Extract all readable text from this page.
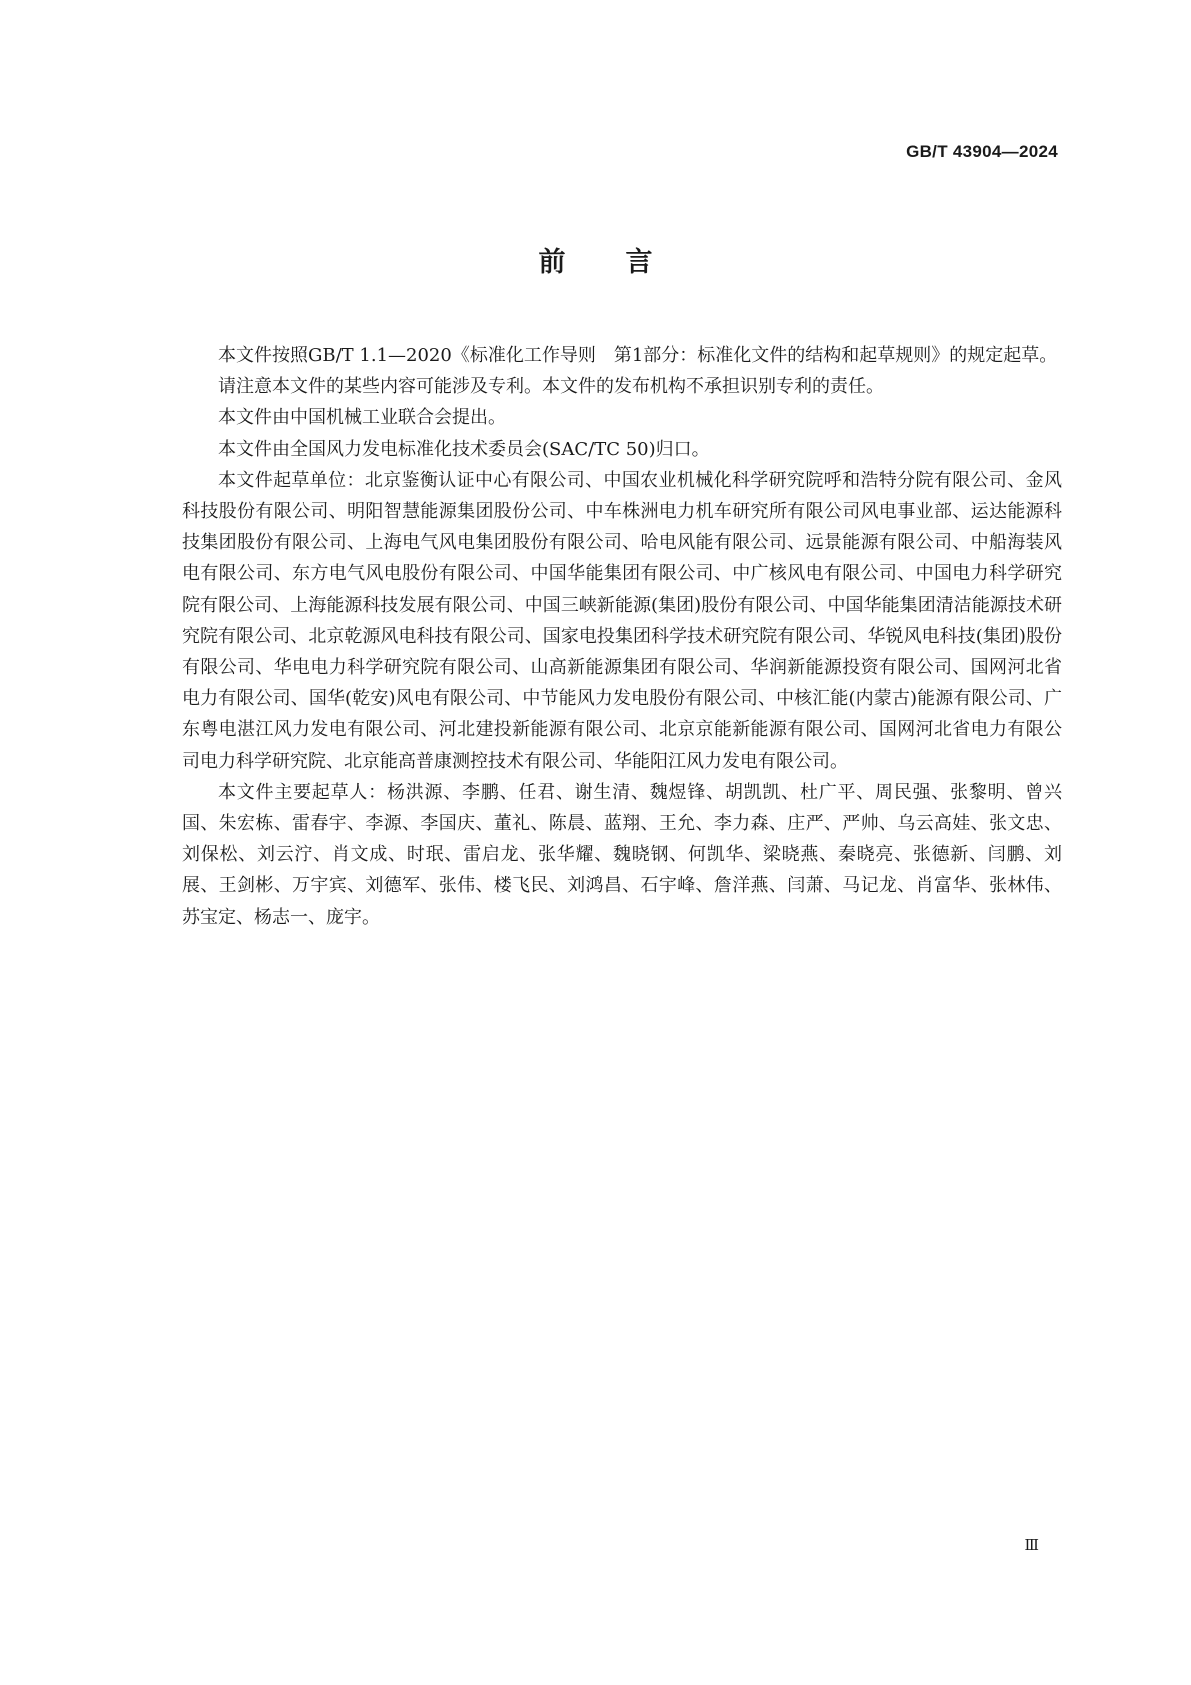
GB/T 43904—2024
前言

本文件按照GB/T 1.1—2020《标准化工作导则　第1部分：标准化文件的结构和起草规则》的规定起草。

请注意本文件的某些内容可能涉及专利。本文件的发布机构不承担识别专利的责任。

本文件由中国机械工业联合会提出。

本文件由全国风力发电标准化技术委员会(SAC/TC 50)归口。

本文件起草单位：北京鉴衡认证中心有限公司、中国农业机械化科学研究院呼和浩特分院有限公司、金风科技股份有限公司、明阳智慧能源集团股份公司、中车株洲电力机车研究所有限公司风电事业部、运达能源科技集团股份有限公司、上海电气风电集团股份有限公司、哈电风能有限公司、远景能源有限公司、中船海装风电有限公司、东方电气风电股份有限公司、中国华能集团有限公司、中广核风电有限公司、中国电力科学研究院有限公司、上海能源科技发展有限公司、中国三峡新能源(集团)股份有限公司、中国华能集团清洁能源技术研究院有限公司、北京乾源风电科技有限公司、国家电投集团科学技术研究院有限公司、华锐风电科技(集团)股份有限公司、华电电力科学研究院有限公司、山高新能源集团有限公司、华润新能源投资有限公司、国网河北省电力有限公司、国华(乾安)风电有限公司、中节能风力发电股份有限公司、中核汇能(内蒙古)能源有限公司、广东粤电湛江风力发电有限公司、河北建投新能源有限公司、北京京能新能源有限公司、国网河北省电力有限公司电力科学研究院、北京能高普康测控技术有限公司、华能阳江风力发电有限公司。

本文件主要起草人：杨洪源、李鹏、任君、谢生清、魏煜锋、胡凯凯、杜广平、周民强、张黎明、曾兴国、朱宏栋、雷春宇、李源、李国庆、董礼、陈晨、蓝翔、王允、李力森、庄严、严帅、乌云高娃、张文忠、刘保松、刘云泞、肖文成、时珉、雷启龙、张华耀、魏晓钢、何凯华、梁晓燕、秦晓亮、张德新、闫鹏、刘展、王剑彬、万宇宾、刘德军、张伟、楼飞民、刘鸿昌、石宇峰、詹洋燕、闫萧、马记龙、肖富华、张林伟、苏宝定、杨志一、庞宇。

Ⅲ
